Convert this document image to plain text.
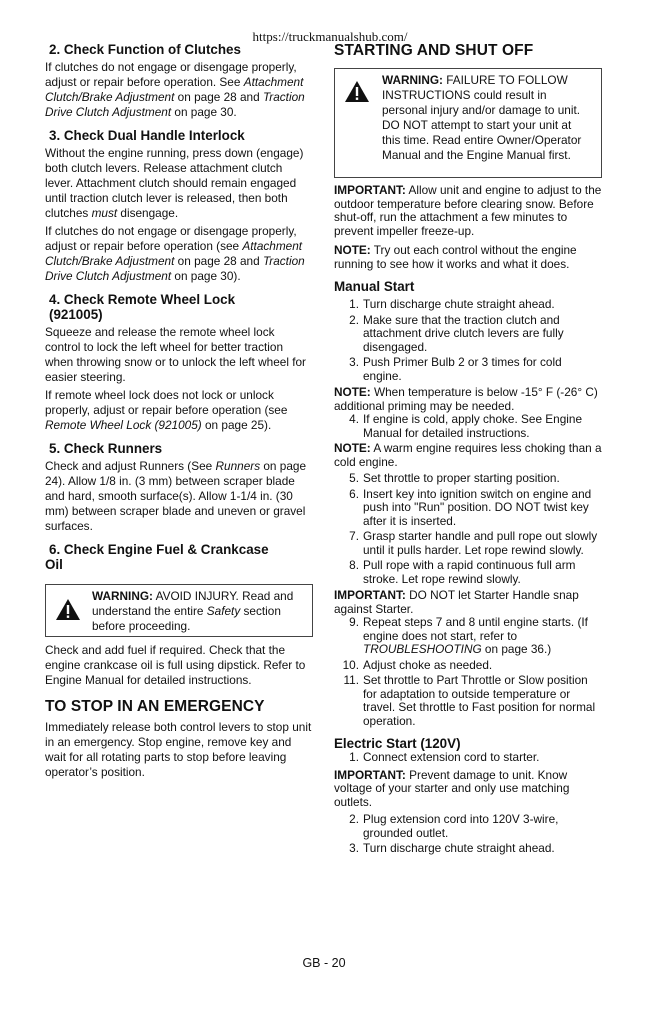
https://truckmanualshub.com/
2. Check Function of Clutches

If clutches do not engage or disengage properly, adjust or repair before operation. See Attachment Clutch/Brake Adjustment on page 28 and Traction Drive Clutch Adjustment on page 30.

3. Check Dual Handle Interlock

Without the engine running, press down (engage) both clutch levers. Release attachment clutch lever. Attachment clutch should remain engaged until traction clutch lever is released, then both clutches must disengage.

If clutches do not engage or disengage properly, adjust or repair before operation (see Attachment Clutch/Brake Adjustment on page 28 and Traction Drive Clutch Adjustment on page 30).

4. Check Remote Wheel Lock
(921005)

Squeeze and release the remote wheel lock control to lock the left wheel for better traction when throwing snow or to unlock the left wheel for easier steering.

If remote wheel lock does not lock or unlock properly, adjust or repair before operation (see Remote Wheel Lock (921005) on page 25).

5. Check Runners

Check and adjust Runners (See Runners on page 24). Allow 1/8 in. (3 mm) between scraper blade and hard, smooth surface(s). Allow 1-1/4 in. (30 mm) between scraper blade and uneven or gravel surfaces.

6. Check Engine Fuel & Crankcase
Oil
WARNING: AVOID INJURY. Read and understand the entire Safety section before proceeding.

Check and add fuel if required. Check that the engine crankcase oil is full using dipstick. Refer to Engine Manual for detailed instructions.

TO STOP IN AN EMERGENCY

Immediately release both control levers to stop unit in an emergency. Stop engine, remove key and wait for all rotating parts to stop before leaving operator’s position.

STARTING AND SHUT OFF
WARNING: FAILURE TO FOLLOW INSTRUCTIONS could result in personal injury and/or damage to unit. DO NOT attempt to start your unit at this time. Read entire Owner/Operator Manual and the Engine Manual first.

IMPORTANT: Allow unit and engine to adjust to the outdoor temperature before clearing snow. Before shut-off, run the attachment a few minutes to prevent impeller freeze-up.

NOTE: Try out each control without the engine running to see how it works and what it does.

Manual Start

1. Turn discharge chute straight ahead.

2. Make sure that the traction clutch and attachment drive clutch levers are fully disengaged.

3. Push Primer Bulb 2 or 3 times for cold engine.

NOTE: When temperature is below -15° F (-26° C) additional priming may be needed.

4. If engine is cold, apply choke. See Engine Manual for detailed instructions.

NOTE: A warm engine requires less choking than a cold engine.

5. Set throttle to proper starting position.

6. Insert key into ignition switch on engine and push into "Run" position. DO NOT twist key after it is inserted.

7. Grasp starter handle and pull rope out slowly until it pulls harder. Let rope rewind slowly.

8. Pull rope with a rapid continuous full arm stroke. Let rope rewind slowly.

IMPORTANT: DO NOT let Starter Handle snap against Starter.

9. Repeat steps 7 and 8 until engine starts. (If engine does not start, refer to TROUBLESHOOTING on page 36.)

10. Adjust choke as needed.

11. Set throttle to Part Throttle or Slow position for adaptation to outside temperature or travel. Set throttle to Fast position for normal operation.

Electric Start (120V)

1. Connect extension cord to starter.

IMPORTANT: Prevent damage to unit. Know voltage of your starter and only use matching outlets.

2. Plug extension cord into 120V 3-wire, grounded outlet.

3. Turn discharge chute straight ahead.

GB - 20
